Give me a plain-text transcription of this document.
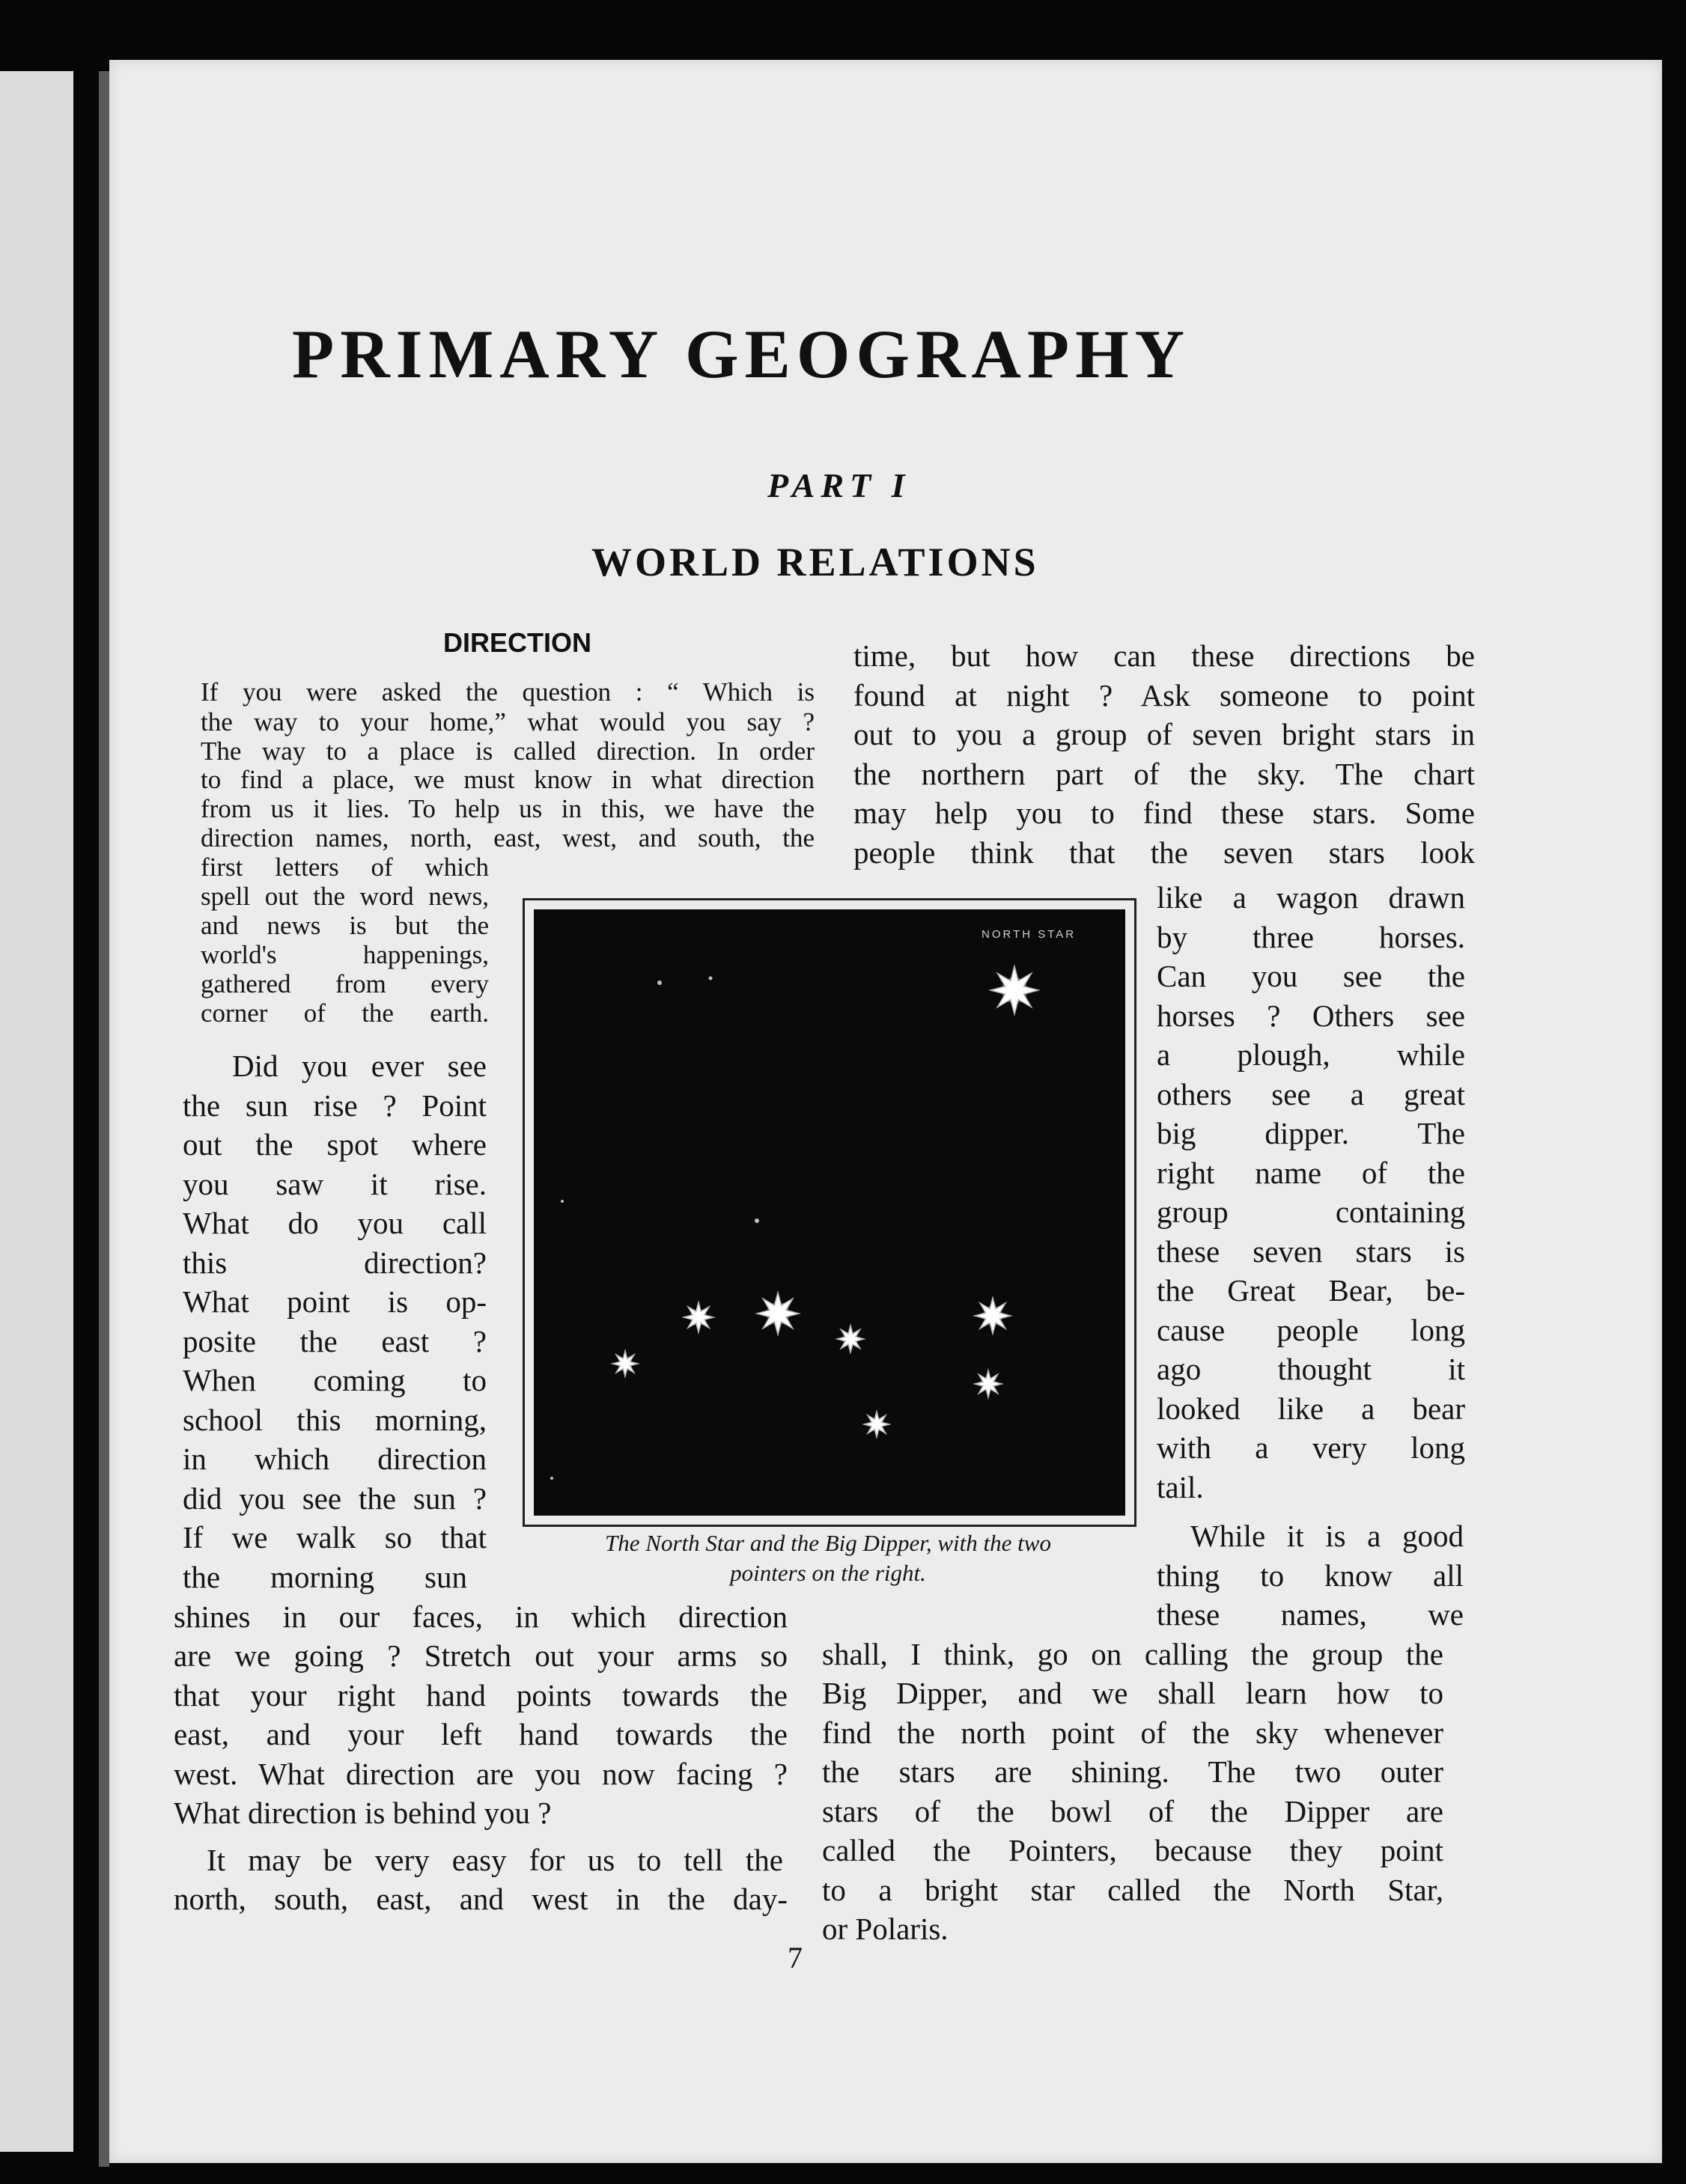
PRIMARY GEOGRAPHY
PART I
WORLD RELATIONS
DIRECTION
If you were asked the question : “ Which is
the way to your home,” what would you say ?
The way to a place is called direction. In order
to find a place, we must know in what direction
from us it lies. To help us in this, we have the
direction names, north, east, west, and south, the
first letters of which
spell out the word news,
and news is but the
world's happenings,
gathered from every
corner of the earth.
Did you ever see
the sun rise ? Point
out the spot where
you saw it rise.
What do you call
this direction?
What point is op-
posite the east ?
When coming to
school this morning,
in which direction
did you see the sun ?
If we walk so that
the morning sun
shines in our faces, in which direction
are we going ? Stretch out your arms so
that your right hand points towards the
east, and your left hand towards the
west. What direction are you now facing ?
What direction is behind you ?
It may be very easy for us to tell the
north, south, east, and west in the day-
time, but how can these directions be
found at night ? Ask someone to point
out to you a group of seven bright stars in
the northern part of the sky. The chart
may help you to find these stars. Some
people think that the seven stars look
like a wagon drawn
by three horses.
Can you see the
horses ? Others see
a plough, while
others see a great
big dipper. The
right name of the
group containing
these seven stars is
the Great Bear, be-
cause people long
ago thought it
looked like a bear
with a very long
tail.
While it is a good
thing to know all
these names, we
shall, I think, go on calling the group the
Big Dipper, and we shall learn how to
find the north point of the sky whenever
the stars are shining. The two outer
stars of the bowl of the Dipper are
called the Pointers, because they point
to a bright star called the North Star,
or Polaris.
NORTH STAR

The North Star and the Big Dipper, with the two
pointers on the right.

7
